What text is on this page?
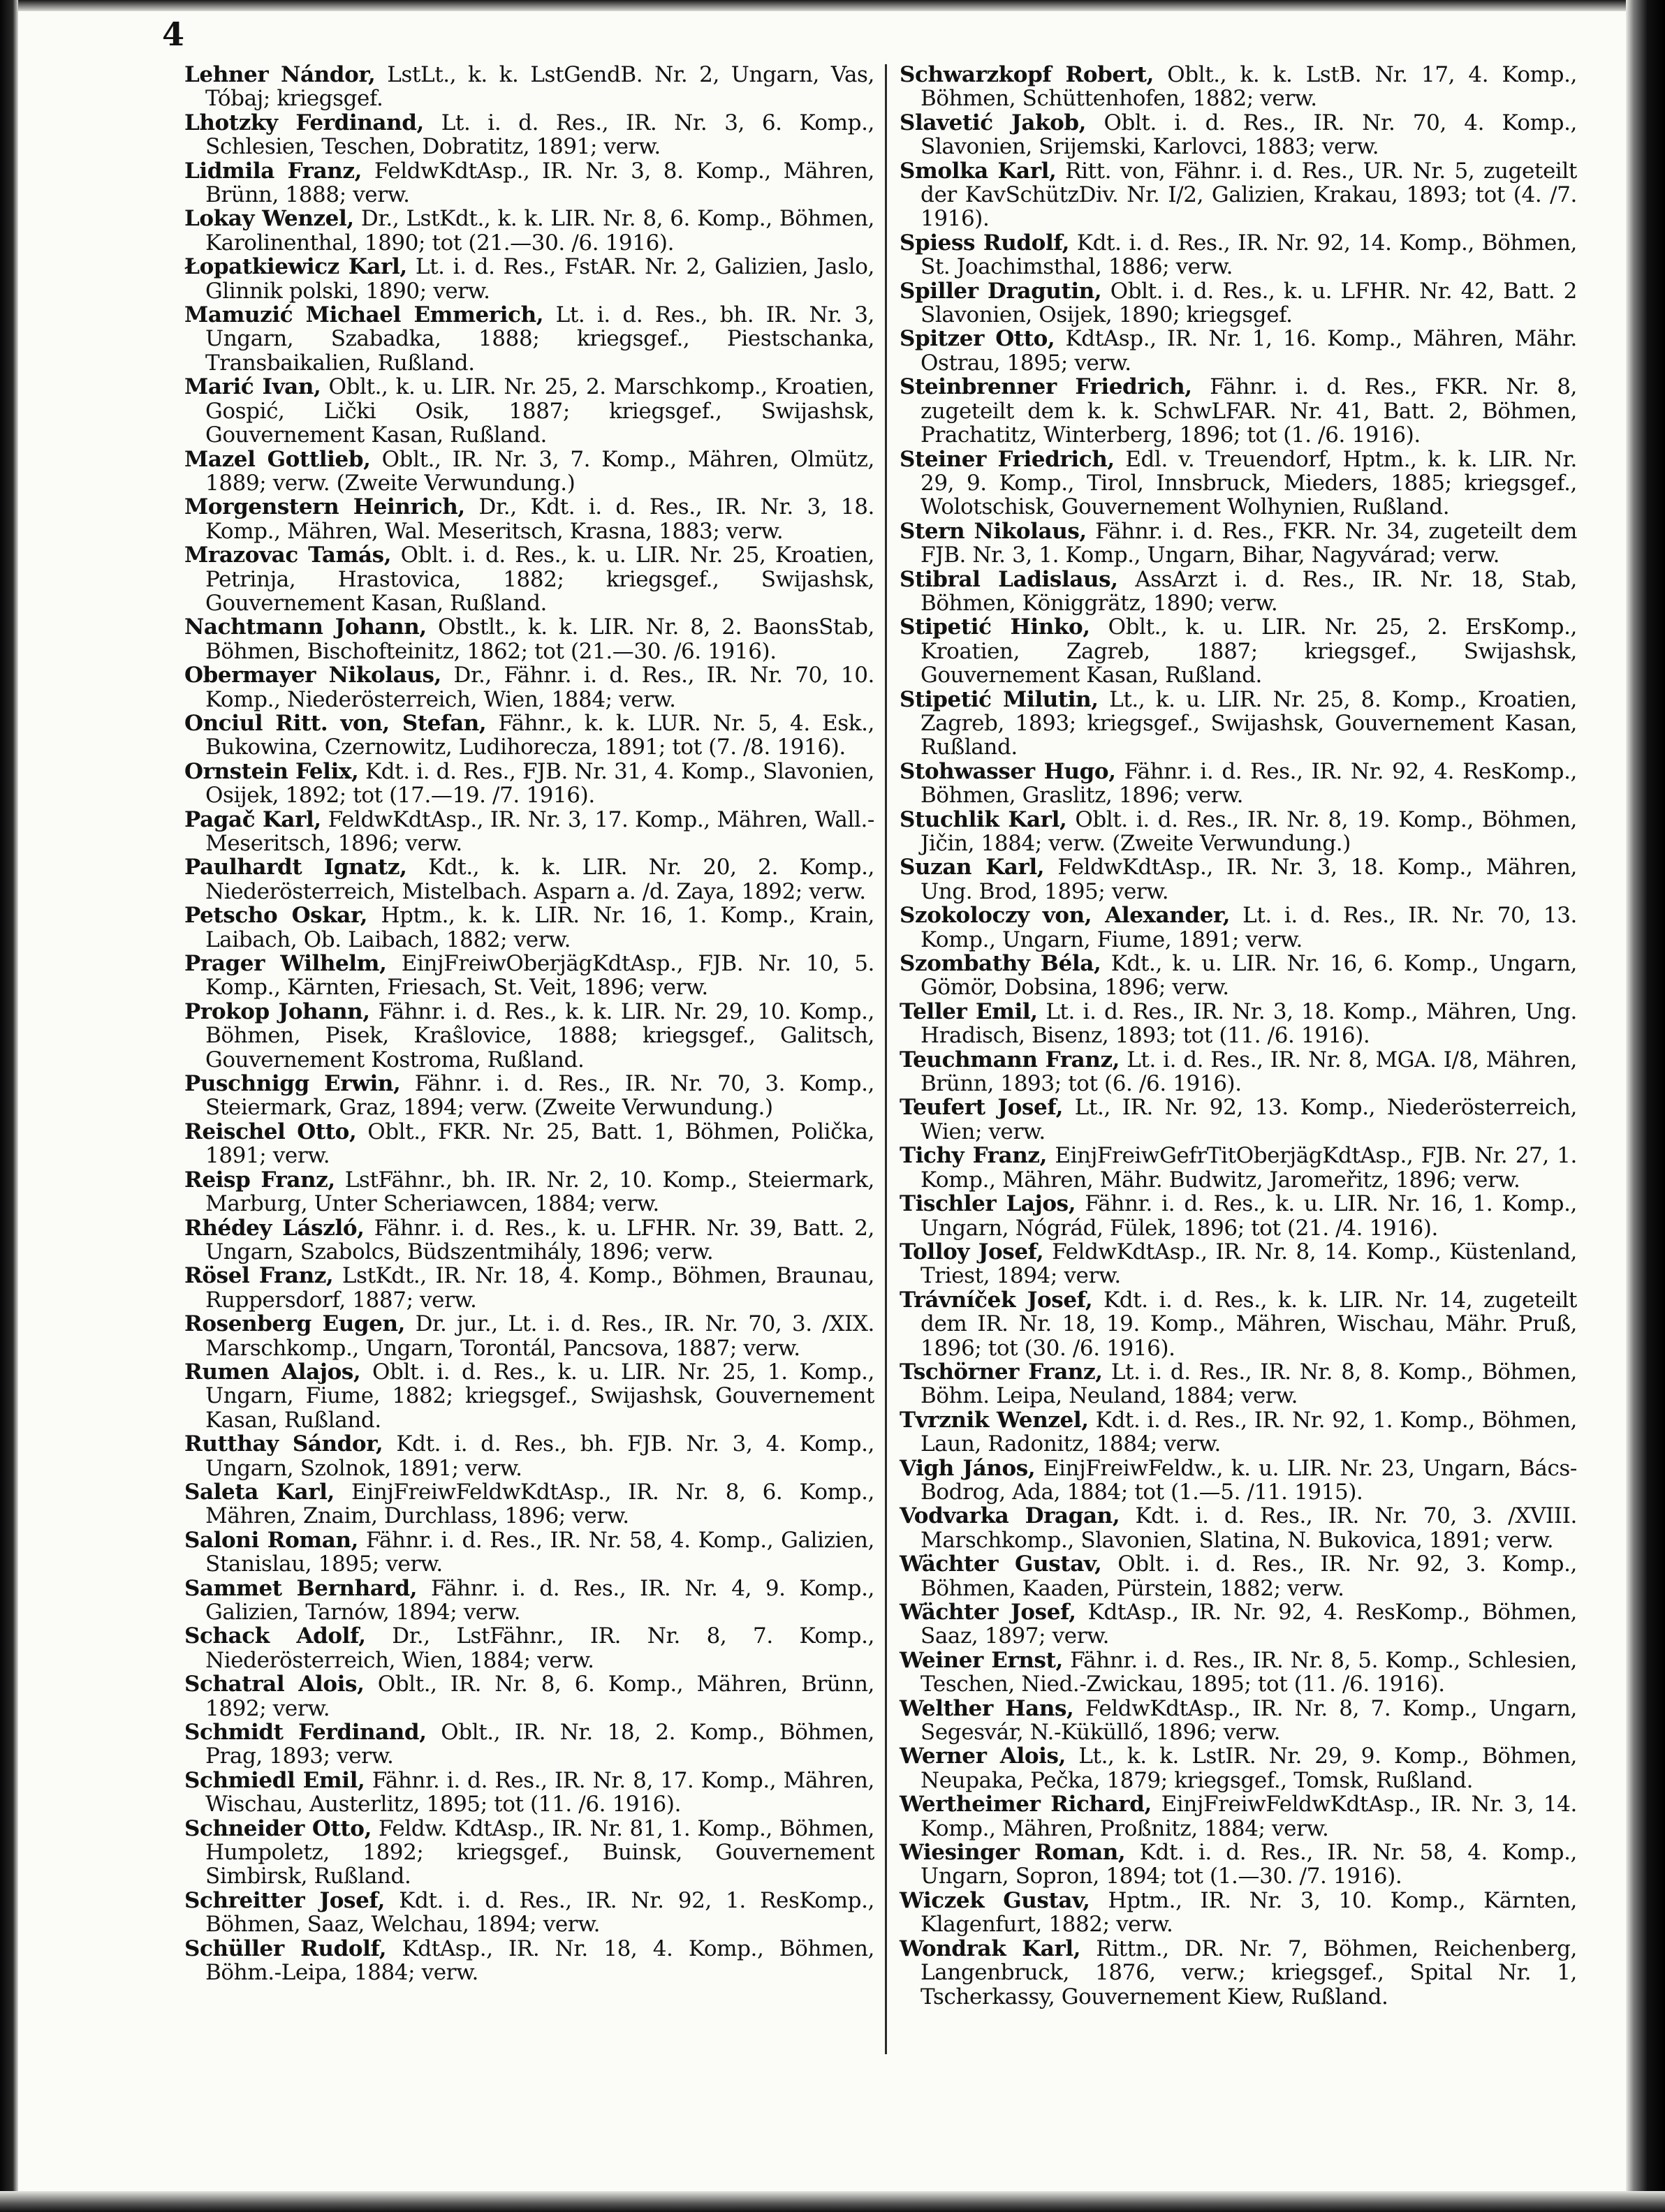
4

Lehner Nándor, LstLt., k. k. LstGendB. Nr. 2, Ungarn, Vas, Tóbaj; kriegsgef.

Lhotzky Ferdinand, Lt. i. d. Res., IR. Nr. 3, 6. Komp., Schlesien, Teschen, Dobratitz, 1891; verw.

Lidmila Franz, FeldwKdtAsp., IR. Nr. 3, 8. Komp., Mähren, Brünn, 1888; verw.

Lokay Wenzel, Dr., LstKdt., k. k. LIR. Nr. 8, 6. Komp., Böhmen, Karolinenthal, 1890; tot (21.—30. /6. 1916).

Łopatkiewicz Karl, Lt. i. d. Res., FstAR. Nr. 2, Galizien, Jaslo, Glinnik polski, 1890; verw.

Mamuzić Michael Emmerich, Lt. i. d. Res., bh. IR. Nr. 3, Ungarn, Szabadka, 1888; kriegsgef., Piestschanka, Transbaikalien, Rußland.

Marić Ivan, Oblt., k. u. LIR. Nr. 25, 2. Marschkomp., Kroatien, Gospić, Lički Osik, 1887; kriegsgef., Swijashsk, Gouvernement Kasan, Rußland.

Mazel Gottlieb, Oblt., IR. Nr. 3, 7. Komp., Mähren, Olmütz, 1889; verw. (Zweite Verwundung.)

Morgenstern Heinrich, Dr., Kdt. i. d. Res., IR. Nr. 3, 18. Komp., Mähren, Wal. Meseritsch, Krasna, 1883; verw.

Mrazovac Tamás, Oblt. i. d. Res., k. u. LIR. Nr. 25, Kroatien, Petrinja, Hrastovica, 1882; kriegsgef., Swijashsk, Gouvernement Kasan, Rußland.

Nachtmann Johann, Obstlt., k. k. LIR. Nr. 8, 2. BaonsStab, Böhmen, Bischofteinitz, 1862; tot (21.—30. /6. 1916).

Obermayer Nikolaus, Dr., Fähnr. i. d. Res., IR. Nr. 70, 10. Komp., Niederösterreich, Wien, 1884; verw.

Onciul Ritt. von, Stefan, Fähnr., k. k. LUR. Nr. 5, 4. Esk., Bukowina, Czernowitz, Ludihorecza, 1891; tot (7. /8. 1916).

Ornstein Felix, Kdt. i. d. Res., FJB. Nr. 31, 4. Komp., Slavonien, Osijek, 1892; tot (17.—19. /7. 1916).

Pagač Karl, FeldwKdtAsp., IR. Nr. 3, 17. Komp., Mähren, Wall.-Meseritsch, 1896; verw.

Paulhardt Ignatz, Kdt., k. k. LIR. Nr. 20, 2. Komp., Niederösterreich, Mistelbach. Asparn a. /d. Zaya, 1892; verw.

Petscho Oskar, Hptm., k. k. LIR. Nr. 16, 1. Komp., Krain, Laibach, Ob. Laibach, 1882; verw.

Prager Wilhelm, EinjFreiwOberjägKdtAsp., FJB. Nr. 10, 5. Komp., Kärnten, Friesach, St. Veit, 1896; verw.

Prokop Johann, Fähnr. i. d. Res., k. k. LIR. Nr. 29, 10. Komp., Böhmen, Pisek, Kraŝlovice, 1888; kriegsgef., Galitsch, Gouvernement Kostroma, Rußland.

Puschnigg Erwin, Fähnr. i. d. Res., IR. Nr. 70, 3. Komp., Steiermark, Graz, 1894; verw. (Zweite Verwundung.)

Reischel Otto, Oblt., FKR. Nr. 25, Batt. 1, Böhmen, Polička, 1891; verw.

Reisp Franz, LstFähnr., bh. IR. Nr. 2, 10. Komp., Steiermark, Marburg, Unter Scheriawcen, 1884; verw.

Rhédey László, Fähnr. i. d. Res., k. u. LFHR. Nr. 39, Batt. 2, Ungarn, Szabolcs, Büdszentmihály, 1896; verw.

Rösel Franz, LstKdt., IR. Nr. 18, 4. Komp., Böhmen, Braunau, Ruppersdorf, 1887; verw.

Rosenberg Eugen, Dr. jur., Lt. i. d. Res., IR. Nr. 70, 3. /XIX. Marschkomp., Ungarn, Torontál, Pancsova, 1887; verw.

Rumen Alajos, Oblt. i. d. Res., k. u. LIR. Nr. 25, 1. Komp., Ungarn, Fiume, 1882; kriegsgef., Swijashsk, Gouvernement Kasan, Rußland.

Rutthay Sándor, Kdt. i. d. Res., bh. FJB. Nr. 3, 4. Komp., Ungarn, Szolnok, 1891; verw.

Saleta Karl, EinjFreiwFeldwKdtAsp., IR. Nr. 8, 6. Komp., Mähren, Znaim, Durchlass, 1896; verw.

Saloni Roman, Fähnr. i. d. Res., IR. Nr. 58, 4. Komp., Galizien, Stanislau, 1895; verw.

Sammet Bernhard, Fähnr. i. d. Res., IR. Nr. 4, 9. Komp., Galizien, Tarnów, 1894; verw.

Schack Adolf, Dr., LstFähnr., IR. Nr. 8, 7. Komp., Niederösterreich, Wien, 1884; verw.

Schatral Alois, Oblt., IR. Nr. 8, 6. Komp., Mähren, Brünn, 1892; verw.

Schmidt Ferdinand, Oblt., IR. Nr. 18, 2. Komp., Böhmen, Prag, 1893; verw.

Schmiedl Emil, Fähnr. i. d. Res., IR. Nr. 8, 17. Komp., Mähren, Wischau, Austerlitz, 1895; tot (11. /6. 1916).

Schneider Otto, Feldw. KdtAsp., IR. Nr. 81, 1. Komp., Böhmen, Humpoletz, 1892; kriegsgef., Buinsk, Gouvernement Simbirsk, Rußland.

Schreitter Josef, Kdt. i. d. Res., IR. Nr. 92, 1. ResKomp., Böhmen, Saaz, Welchau, 1894; verw.

Schüller Rudolf, KdtAsp., IR. Nr. 18, 4. Komp., Böhmen, Böhm.-Leipa, 1884; verw.

Schwarzkopf Robert, Oblt., k. k. LstB. Nr. 17, 4. Komp., Böhmen, Schüttenhofen, 1882; verw.

Slavetić Jakob, Oblt. i. d. Res., IR. Nr. 70, 4. Komp., Slavonien, Srijemski, Karlovci, 1883; verw.

Smolka Karl, Ritt. von, Fähnr. i. d. Res., UR. Nr. 5, zugeteilt der KavSchützDiv. Nr. I/2, Galizien, Krakau, 1893; tot (4. /7. 1916).

Spiess Rudolf, Kdt. i. d. Res., IR. Nr. 92, 14. Komp., Böhmen, St. Joachimsthal, 1886; verw.

Spiller Dragutin, Oblt. i. d. Res., k. u. LFHR. Nr. 42, Batt. 2 Slavonien, Osijek, 1890; kriegsgef.

Spitzer Otto, KdtAsp., IR. Nr. 1, 16. Komp., Mähren, Mähr. Ostrau, 1895; verw.

Steinbrenner Friedrich, Fähnr. i. d. Res., FKR. Nr. 8, zugeteilt dem k. k. SchwLFAR. Nr. 41, Batt. 2, Böhmen, Prachatitz, Winterberg, 1896; tot (1. /6. 1916).

Steiner Friedrich, Edl. v. Treuendorf, Hptm., k. k. LIR. Nr. 29, 9. Komp., Tirol, Innsbruck, Mieders, 1885; kriegsgef., Wolotschisk, Gouvernement Wolhynien, Rußland.

Stern Nikolaus, Fähnr. i. d. Res., FKR. Nr. 34, zugeteilt dem FJB. Nr. 3, 1. Komp., Ungarn, Bihar, Nagyvárad; verw.

Stibral Ladislaus, AssArzt i. d. Res., IR. Nr. 18, Stab, Böhmen, Königgrätz, 1890; verw.

Stipetić Hinko, Oblt., k. u. LIR. Nr. 25, 2. ErsKomp., Kroatien, Zagreb, 1887; kriegsgef., Swijashsk, Gouvernement Kasan, Rußland.

Stipetić Milutin, Lt., k. u. LIR. Nr. 25, 8. Komp., Kroatien, Zagreb, 1893; kriegsgef., Swijashsk, Gouvernement Kasan, Rußland.

Stohwasser Hugo, Fähnr. i. d. Res., IR. Nr. 92, 4. ResKomp., Böhmen, Graslitz, 1896; verw.

Stuchlik Karl, Oblt. i. d. Res., IR. Nr. 8, 19. Komp., Böhmen, Jičin, 1884; verw. (Zweite Verwundung.)

Suzan Karl, FeldwKdtAsp., IR. Nr. 3, 18. Komp., Mähren, Ung. Brod, 1895; verw.

Szokoloczy von, Alexander, Lt. i. d. Res., IR. Nr. 70, 13. Komp., Ungarn, Fiume, 1891; verw.

Szombathy Béla, Kdt., k. u. LIR. Nr. 16, 6. Komp., Ungarn, Gömör, Dobsina, 1896; verw.

Teller Emil, Lt. i. d. Res., IR. Nr. 3, 18. Komp., Mähren, Ung. Hradisch, Bisenz, 1893; tot (11. /6. 1916).

Teuchmann Franz, Lt. i. d. Res., IR. Nr. 8, MGA. I/8, Mähren, Brünn, 1893; tot (6. /6. 1916).

Teufert Josef, Lt., IR. Nr. 92, 13. Komp., Niederösterreich, Wien; verw.

Tichy Franz, EinjFreiwGefrTitOberjägKdtAsp., FJB. Nr. 27, 1. Komp., Mähren, Mähr. Budwitz, Jaromeřitz, 1896; verw.

Tischler Lajos, Fähnr. i. d. Res., k. u. LIR. Nr. 16, 1. Komp., Ungarn, Nógrád, Fülek, 1896; tot (21. /4. 1916).

Tolloy Josef, FeldwKdtAsp., IR. Nr. 8, 14. Komp., Küstenland, Triest, 1894; verw.

Trávníček Josef, Kdt. i. d. Res., k. k. LIR. Nr. 14, zugeteilt dem IR. Nr. 18, 19. Komp., Mähren, Wischau, Mähr. Pruß, 1896; tot (30. /6. 1916).

Tschörner Franz, Lt. i. d. Res., IR. Nr. 8, 8. Komp., Böhmen, Böhm. Leipa, Neuland, 1884; verw.

Tvrznik Wenzel, Kdt. i. d. Res., IR. Nr. 92, 1. Komp., Böhmen, Laun, Radonitz, 1884; verw.

Vigh János, EinjFreiwFeldw., k. u. LIR. Nr. 23, Ungarn, Bács-Bodrog, Ada, 1884; tot (1.—5. /11. 1915).

Vodvarka Dragan, Kdt. i. d. Res., IR. Nr. 70, 3. /XVIII. Marschkomp., Slavonien, Slatina, N. Bukovica, 1891; verw.

Wächter Gustav, Oblt. i. d. Res., IR. Nr. 92, 3. Komp., Böhmen, Kaaden, Pürstein, 1882; verw.

Wächter Josef, KdtAsp., IR. Nr. 92, 4. ResKomp., Böhmen, Saaz, 1897; verw.

Weiner Ernst, Fähnr. i. d. Res., IR. Nr. 8, 5. Komp., Schlesien, Teschen, Nied.-Zwickau, 1895; tot (11. /6. 1916).

Welther Hans, FeldwKdtAsp., IR. Nr. 8, 7. Komp., Ungarn, Segesvár, N.-Küküllő, 1896; verw.

Werner Alois, Lt., k. k. LstIR. Nr. 29, 9. Komp., Böhmen, Neupaka, Pečka, 1879; kriegsgef., Tomsk, Rußland.

Wertheimer Richard, EinjFreiwFeldwKdtAsp., IR. Nr. 3, 14. Komp., Mähren, Proßnitz, 1884; verw.

Wiesinger Roman, Kdt. i. d. Res., IR. Nr. 58, 4. Komp., Ungarn, Sopron, 1894; tot (1.—30. /7. 1916).

Wiczek Gustav, Hptm., IR. Nr. 3, 10. Komp., Kärnten, Klagenfurt, 1882; verw.

Wondrak Karl, Rittm., DR. Nr. 7, Böhmen, Reichenberg, Langenbruck, 1876, verw.; kriegsgef., Spital Nr. 1, Tscherkassy, Gouvernement Kiew, Rußland.
